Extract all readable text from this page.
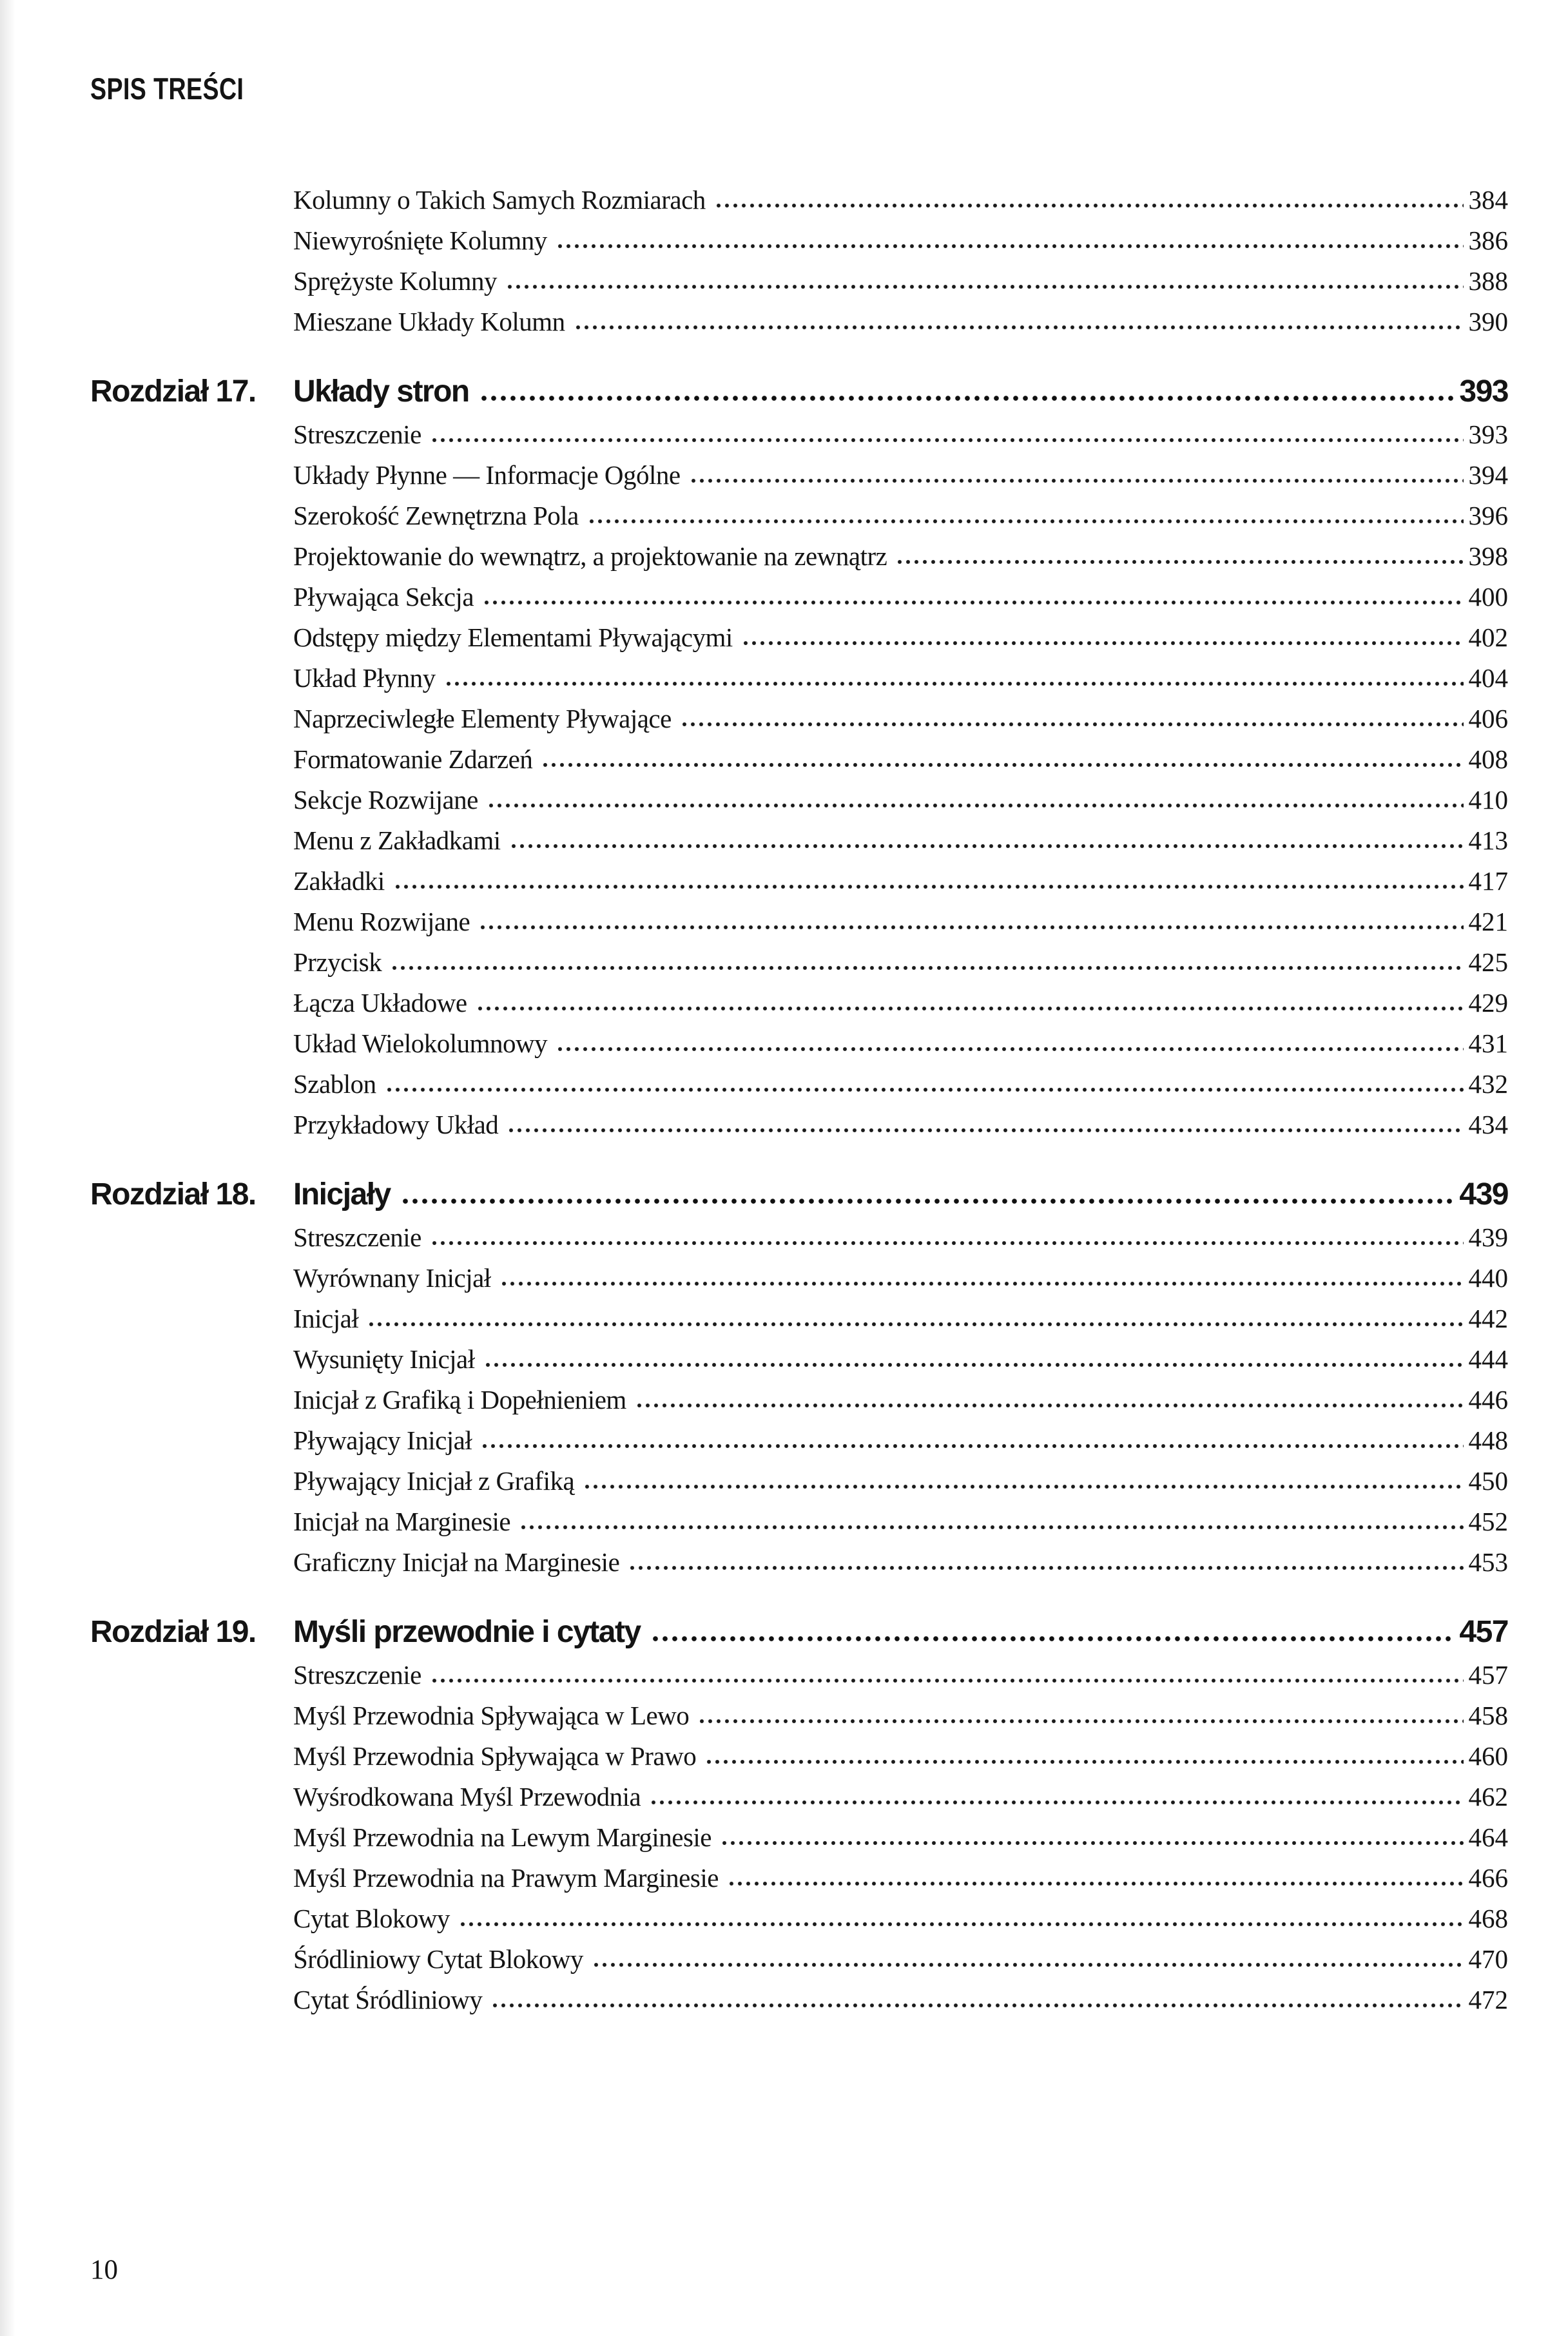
SPIS TREŚCI
Kolumny o Takich Samych Rozmiarach	384
Niewyrośnięte Kolumny	386
Sprężyste Kolumny	388
Mieszane Układy Kolumn	390
Rozdział 17.	Układy stron	393
Streszczenie	393
Układy Płynne — Informacje Ogólne	394
Szerokość Zewnętrzna Pola	396
Projektowanie do wewnątrz, a projektowanie na zewnątrz	398
Pływająca Sekcja	400
Odstępy między Elementami Pływającymi	402
Układ Płynny	404
Naprzeciwległe Elementy Pływające	406
Formatowanie Zdarzeń	408
Sekcje Rozwijane	410
Menu z Zakładkami	413
Zakładki	417
Menu Rozwijane	421
Przycisk	425
Łącza Układowe	429
Układ Wielokolumnowy	431
Szablon	432
Przykładowy Układ	434
Rozdział 18.	Inicjały	439
Streszczenie	439
Wyrównany Inicjał	440
Inicjał	442
Wysunięty Inicjał	444
Inicjał z Grafiką i Dopełnieniem	446
Pływający Inicjał	448
Pływający Inicjał z Grafiką	450
Inicjał na Marginesie	452
Graficzny Inicjał na Marginesie	453
Rozdział 19.	Myśli przewodnie i cytaty	457
Streszczenie	457
Myśl Przewodnia Spływająca w Lewo	458
Myśl Przewodnia Spływająca w Prawo	460
Wyśrodkowana Myśl Przewodnia	462
Myśl Przewodnia na Lewym Marginesie	464
Myśl Przewodnia na Prawym Marginesie	466
Cytat Blokowy	468
Śródliniowy Cytat Blokowy	470
Cytat Śródliniowy	472
10
